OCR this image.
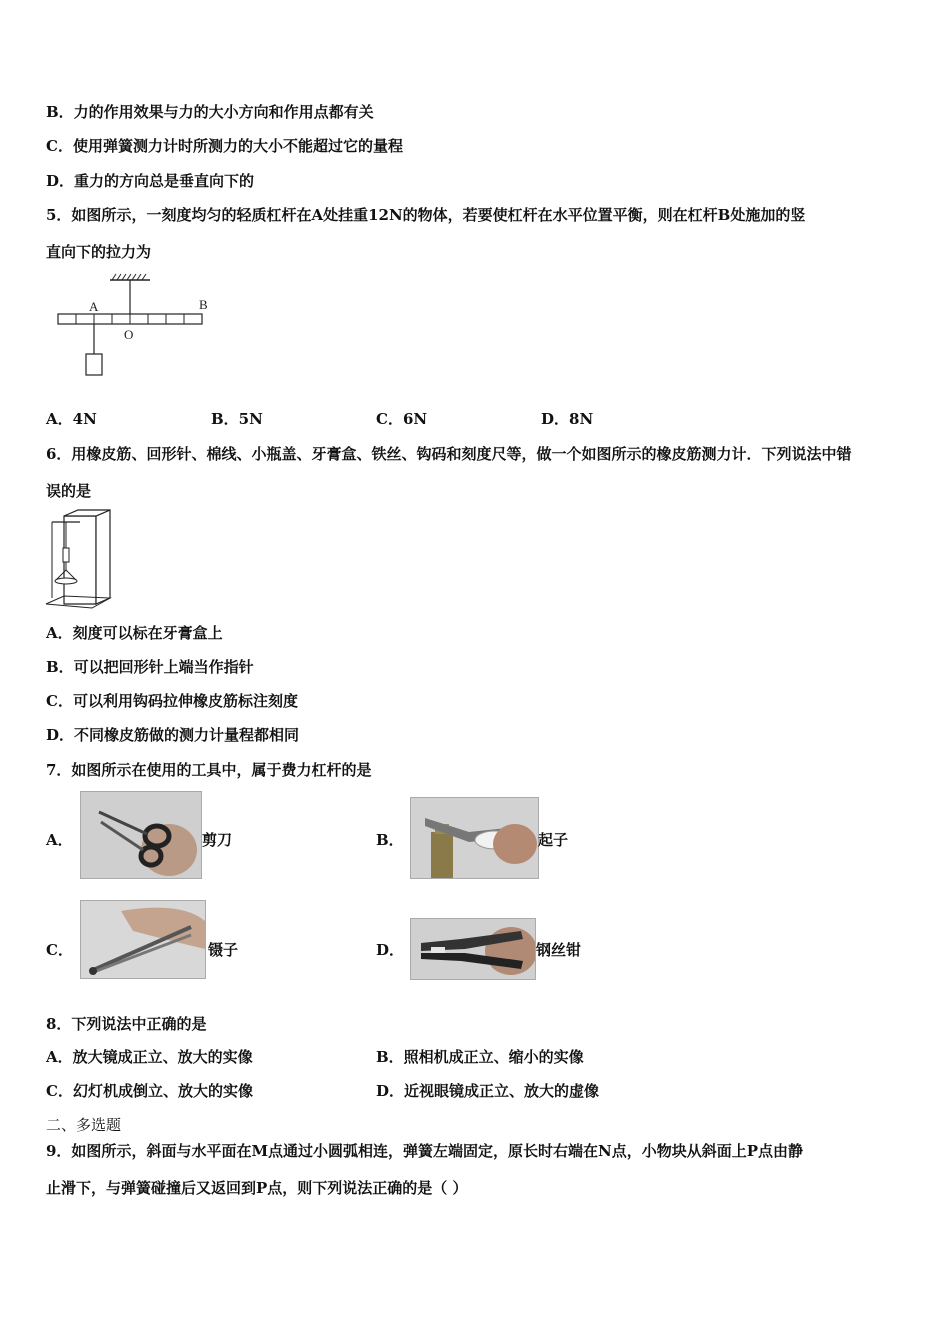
B．力的作用效果与力的大小方向和作用点都有关
C．使用弹簧测力计时所测力的大小不能超过它的量程
D．重力的方向总是垂直向下的
5．如图所示，一刻度均匀的轻质杠杆在A处挂重12N的物体，若要使杠杆在水平位置平衡，则在杠杆B处施加的竖
直向下的拉力为
A	B
O
A．4N	B．5N	C．6N	D．8N
6．用橡皮筋、回形针、棉线、小瓶盖、牙膏盒、铁丝、钩码和刻度尺等，做一个如图所示的橡皮筋测力计．下列说法中错
误的是
A．刻度可以标在牙膏盒上
B．可以把回形针上端当作指针
C．可以利用钩码拉伸橡皮筋标注刻度
D．不同橡皮筋做的测力计量程都相同
7．如图所示在使用的工具中，属于费力杠杆的是
A．	剪刀	B．	起子
C．	镊子	D．	钢丝钳
8．下列说法中正确的是
A．放大镜成正立、放大的实像	B．照相机成正立、缩小的实像
C．幻灯机成倒立、放大的实像	D．近视眼镜成正立、放大的虚像
二、多选题
9．如图所示，斜面与水平面在M点通过小圆弧相连，弹簧左端固定，原长时右端在N点，小物块从斜面上P点由静
止滑下，与弹簧碰撞后又返回到P点，则下列说法正确的是（ ）
